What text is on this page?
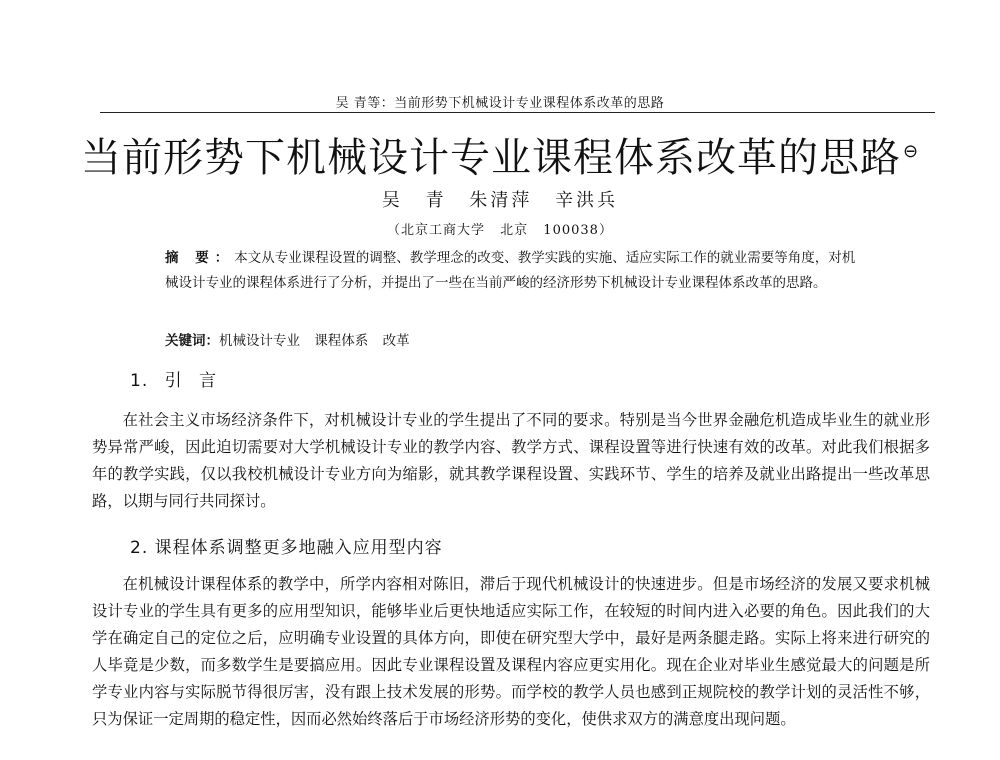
吴 青等：当前形势下机械设计专业课程体系改革的思路
当前形势下机械设计专业课程体系改革的思路 ⊖
吴 青 朱清萍 辛洪兵
（北京工商大学 北京 100038）
摘 要：本文从专业课程设置的调整、教学理念的改变、教学实践的实施、适应实际工作的就业需要等角度，对机械设计专业的课程体系进行了分析，并提出了一些在当前严峻的经济形势下机械设计专业课程体系改革的思路。
关键词：机械设计专业 课程体系 改革
1. 引 言
在社会主义市场经济条件下，对机械设计专业的学生提出了不同的要求。特别是当今世界金融危机造成毕业生的就业形势异常严峻，因此迫切需要对大学机械设计专业的教学内容、教学方式、课程设置等进行快速有效的改革。对此我们根据多年的教学实践，仅以我校机械设计专业方向为缩影，就其教学课程设置、实践环节、学生的培养及就业出路提出一些改革思路，以期与同行共同探讨。
2. 课程体系调整更多地融入应用型内容
在机械设计课程体系的教学中，所学内容相对陈旧，滞后于现代机械设计的快速进步。但是市场经济的发展又要求机械设计专业的学生具有更多的应用型知识，能够毕业后更快地适应实际工作，在较短的时间内进入必要的角色。因此我们的大学在确定自己的定位之后，应明确专业设置的具体方向，即使在研究型大学中，最好是两条腿走路。实际上将来进行研究的人毕竟是少数，而多数学生是要搞应用。因此专业课程设置及课程内容应更实用化。现在企业对毕业生感觉最大的问题是所学专业内容与实际脱节得很厉害，没有跟上技术发展的形势。而学校的教学人员也感到正规院校的教学计划的灵活性不够，只为保证一定周期的稳定性，因而必然始终落后于市场经济形势的变化，使供求双方的满意度出现问题。
